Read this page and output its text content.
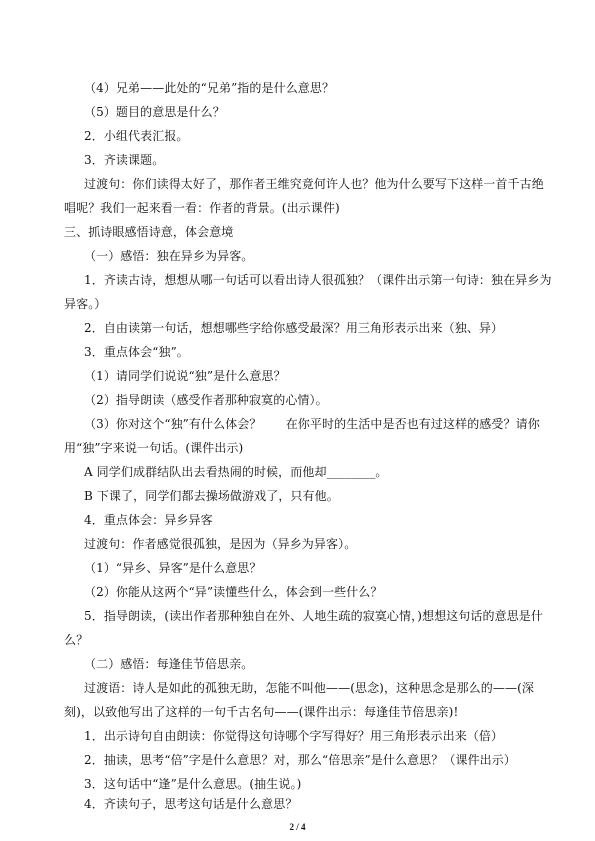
（4）兄弟——此处的“兄弟”指的是什么意思？
（5）题目的意思是什么？
2．小组代表汇报。
3．齐读课题。
过渡句：你们读得太好了，那作者王维究竟何许人也？他为什么要写下这样一首千古绝唱呢？我们一起来看一看：作者的背景。(出示课件)
三、抓诗眼感悟诗意，体会意境
（一）感悟：独在异乡为异客。
1．齐读古诗，想想从哪一句话可以看出诗人很孤独？（课件出示第一句诗：独在异乡为异客。）
2．自由读第一句话，想想哪些字给你感受最深？用三角形表示出来（独、异）
3．重点体会“独”。
（1）请同学们说说“独”是什么意思？
（2）指导朗读（感受作者那种寂寞的心情）。
（3）你对这个“独”有什么体会？　　在你平时的生活中是否也有过这样的感受？请你用“独”字来说一句话。(课件出示)
A 同学们成群结队出去看热闹的时候，而他却________。
B 下课了，同学们都去操场做游戏了，只有他。
4．重点体会：异乡异客
过渡句：作者感觉很孤独，是因为（异乡为异客）。
（1）“异乡、异客”是什么意思？
（2）你能从这两个“异”读懂些什么，体会到一些什么？
5．指导朗读，(读出作者那种独自在外、人地生疏的寂寞心情，)想想这句话的意思是什么？
（二）感悟：每逢佳节倍思亲。
过渡语：诗人是如此的孤独无助，怎能不叫他——(思念)，这种思念是那么的——(深刻)，以致他写出了这样的一句千古名句——(课件出示：每逢佳节倍思亲)!
1．出示诗句自由朗读：你觉得这句诗哪个字写得好？用三角形表示出来（倍）
2．抽读，思考“倍”字是什么意思？对，那么“倍思亲”是什么意思？（课件出示）
3．这句话中“逢”是什么意思。(抽生说。)
2 / 4
4．齐读句子，思考这句话是什么意思？
